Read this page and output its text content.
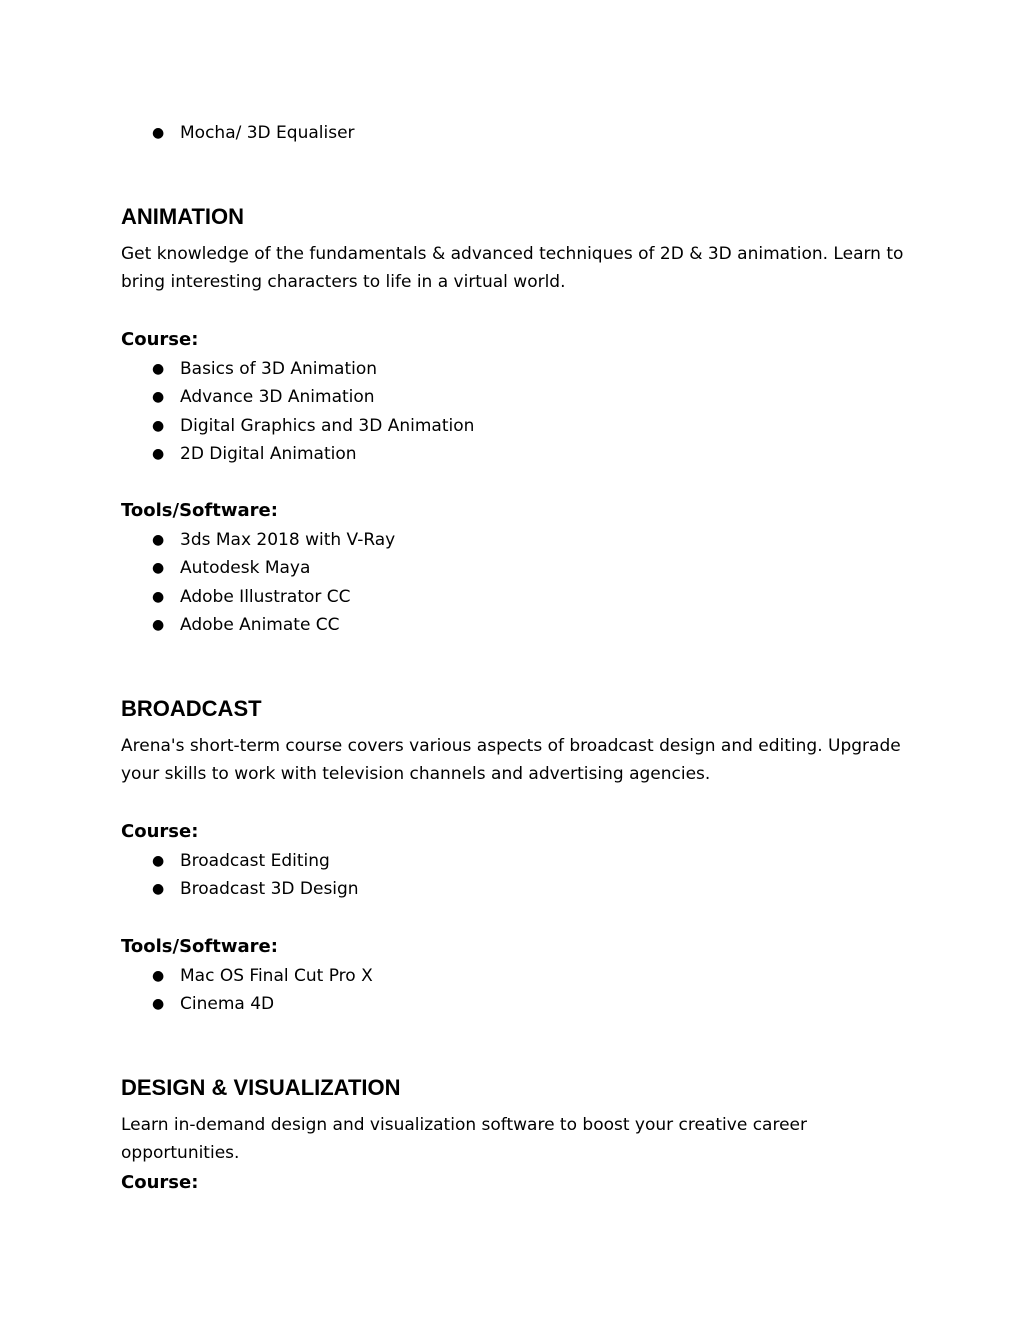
● Mocha/ 3D Equaliser
ANIMATION

Get knowledge of the fundamentals & advanced techniques of 2D & 3D animation. Learn to bring interesting characters to life in a virtual world.

Course:

● Basics of 3D Animation
● Advance 3D Animation
● Digital Graphics and 3D Animation
● 2D Digital Animation

Tools/Software:

● 3ds Max 2018 with V-Ray
● Autodesk Maya
● Adobe Illustrator CC
● Adobe Animate CC
BROADCAST

Arena's short-term course covers various aspects of broadcast design and editing. Upgrade your skills to work with television channels and advertising agencies.

Course:

● Broadcast Editing
● Broadcast 3D Design

Tools/Software:

● Mac OS Final Cut Pro X
● Cinema 4D
DESIGN & VISUALIZATION

Learn in-demand design and visualization software to boost your creative career opportunities.

Course:
